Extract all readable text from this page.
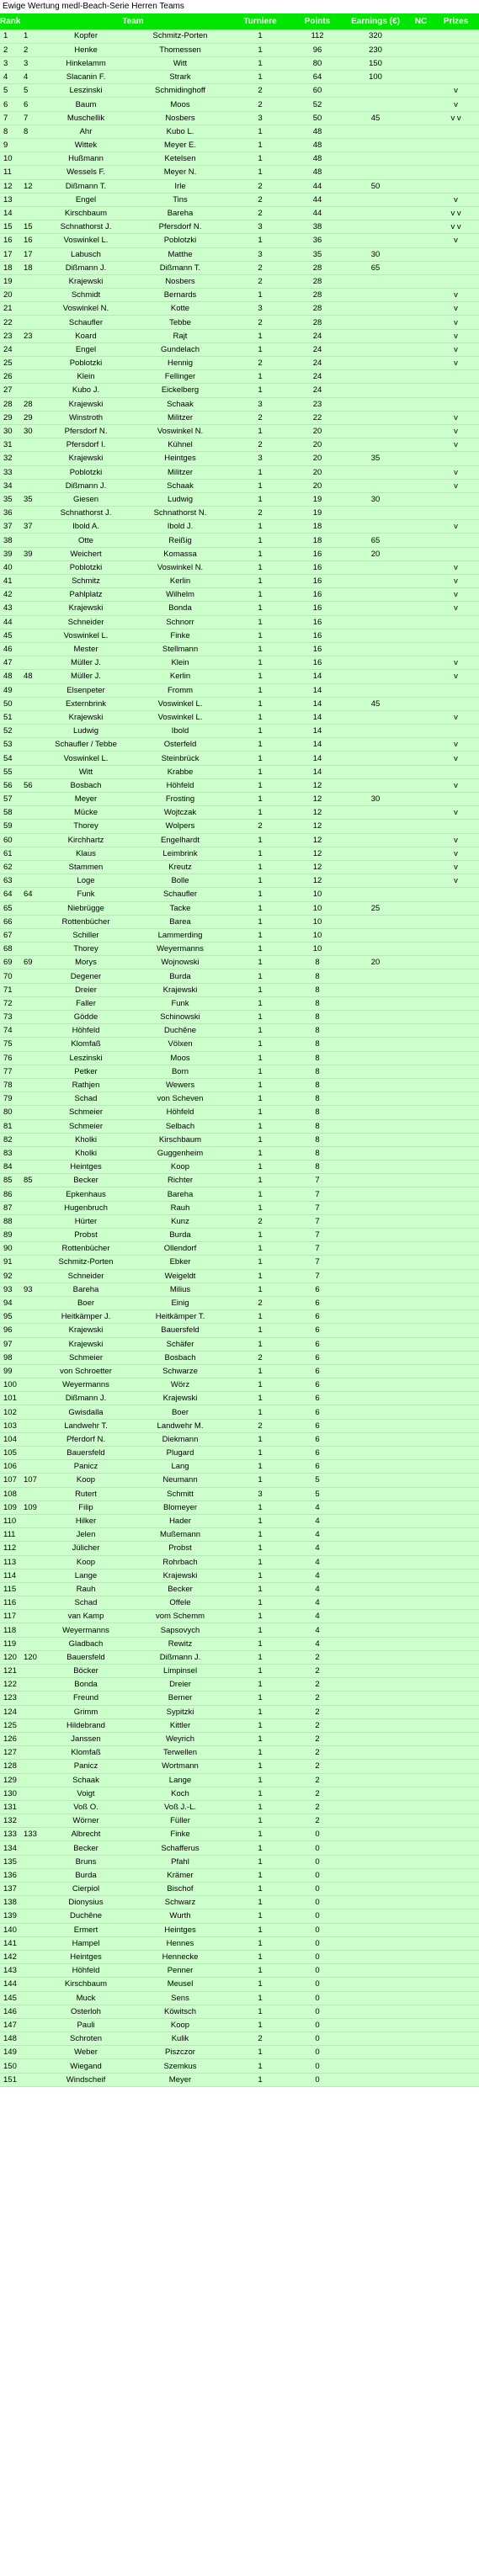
Ewige Wertung medl-Beach-Serie Herren Teams
Rank		Team		Turniere	Points	Earnings (€)	NC	Prizes
1	1	Kopfer	Schmitz-Porten	1	112	320		
2	2	Henke	Thomessen	1	96	230		
3	3	Hinkelamm	Witt	1	80	150		
4	4	Slacanin F.	Strark	1	64	100		
5	5	Leszinski	Schmidinghoff	2	60			v
6	6	Baum	Moos	2	52			v
7	7	Muschellik	Nosbers	3	50	45		v v
8	8	Ahr	Kubo L.	1	48			
9		Wittek	Meyer E.	1	48			
10		Hußmann	Ketelsen	1	48			
11		Wessels F.	Meyer N.	1	48			
12	12	Dißmann T.	Irle	2	44	50		
13		Engel	Tins	2	44			v
14		Kirschbaum	Bareha	2	44			v v
15	15	Schnathorst J.	Pfersdorf N.	3	38			v v
16	16	Voswinkel L.	Poblotzki	1	36			v
17	17	Labusch	Matthe	3	35	30		
18	18	Dißmann J.	Dißmann T.	2	28	65		
19		Krajewski	Nosbers	2	28			
20		Schmidt	Bernards	1	28			v
21		Voswinkel N.	Kotte	3	28			v
22		Schaufler	Tebbe	2	28			v
23	23	Koard	Rajt	1	24			v
24		Engel	Gundelach	1	24			v
25		Poblotzki	Hennig	2	24			v
26		Klein	Fellinger	1	24			
27		Kubo J.	Eickelberg	1	24			
28	28	Krajewski	Schaak	3	23			
29	29	Winstroth	Militzer	2	22			v
30	30	Pfersdorf N.	Voswinkel N.	1	20			v
31		Pfersdorf I.	Kühnel	2	20			v
32		Krajewski	Heintges	3	20	35		
33		Poblotzki	Militzer	1	20			v
34		Dißmann J.	Schaak	1	20			v
35	35	Giesen	Ludwig	1	19	30		
36		Schnathorst J.	Schnathorst N.	2	19			
37	37	Ibold A.	Ibold J.	1	18			v
38		Otte	Reißig	1	18	65		
39	39	Weichert	Komassa	1	16	20		
40		Poblotzki	Voswinkel N.	1	16			v
41		Schmitz	Kerlin	1	16			v
42		Pahlplatz	Wilhelm	1	16			v
43		Krajewski	Bonda	1	16			v
44		Schneider	Schnorr	1	16			
45		Voswinkel L.	Finke	1	16			
46		Mester	Stellmann	1	16			
47		Müller J.	Klein	1	16			v
48	48	Müller J.	Kerlin	1	14			v
49		Elsenpeter	Fromm	1	14			
50		Externbrink	Voswinkel L.	1	14	45		
51		Krajewski	Voswinkel L.	1	14			v
52		Ludwig	Ibold	1	14			
53		Schaufler / Tebbe	Osterfeld	1	14			v
54		Voswinkel L.	Steinbrück	1	14			v
55		Witt	Krabbe	1	14			
56	56	Bosbach	Höhfeld	1	12			v
57		Meyer	Frosting	1	12	30		
58		Mücke	Wojtczak	1	12			v
59		Thorey	Wolpers	2	12			
60		Kirchhartz	Engelhardt	1	12			v
61		Klaus	Leimbrink	1	12			v
62		Stammen	Kreutz	1	12			v
63		Loge	Bolle	1	12			v
64	64	Funk	Schaufler	1	10			
65		Niebrügge	Tacke	1	10	25		
66		Rottenbücher	Barea	1	10			
67		Schiller	Lammerding	1	10			
68		Thorey	Weyermanns	1	10			
69	69	Morys	Wojnowski	1	8	20		
70		Degener	Burda	1	8			
71		Dreier	Krajewski	1	8			
72		Faller	Funk	1	8			
73		Gödde	Schinowski	1	8			
74		Höhfeld	Duchêne	1	8			
75		Klomfaß	Völxen	1	8			
76		Leszinski	Moos	1	8			
77		Petker	Born	1	8			
78		Rathjen	Wewers	1	8			
79		Schad	von Scheven	1	8			
80		Schmeier	Höhfeld	1	8			
81		Schmeier	Selbach	1	8			
82		Kholki	Kirschbaum	1	8			
83		Kholki	Guggenheim	1	8			
84		Heintges	Koop	1	8			
85	85	Becker	Richter	1	7			
86		Epkenhaus	Bareha	1	7			
87		Hugenbruch	Rauh	1	7			
88		Hürter	Kunz	2	7			
89		Probst	Burda	1	7			
90		Rottenbücher	Ollendorf	1	7			
91		Schmitz-Porten	Ebker	1	7			
92		Schneider	Weigeldt	1	7			
93	93	Bareha	Milius	1	6			
94		Boer	Einig	2	6			
95		Heitkämper J.	Heitkämper T.	1	6			
96		Krajewski	Bauersfeld	1	6			
97		Krajewski	Schäfer	1	6			
98		Schmeier	Bosbach	2	6			
99		von Schroetter	Schwarze	1	6			
100		Weyermanns	Wörz	1	6			
101		Dißmann J.	Krajewski	1	6			
102		Gwisdalla	Boer	1	6			
103		Landwehr T.	Landwehr M.	2	6			
104		Pferdorf N.	Diekmann	1	6			
105		Bauersfeld	Plugard	1	6			
106		Panicz	Lang	1	6			
107	107	Koop	Neumann	1	5			
108		Rutert	Schmitt	3	5			
109	109	Filip	Blomeyer	1	4			
110		Hilker	Hader	1	4			
111		Jelen	Mußemann	1	4			
112		Jülicher	Probst	1	4			
113		Koop	Rohrbach	1	4			
114		Lange	Krajewski	1	4			
115		Rauh	Becker	1	4			
116		Schad	Offele	1	4			
117		van Kamp	vom Schemm	1	4			
118		Weyermanns	Sapsovych	1	4			
119		Gladbach	Rewitz	1	4			
120	120	Bauersfeld	Dißmann J.	1	2			
121		Böcker	Limpinsel	1	2			
122		Bonda	Dreier	1	2			
123		Freund	Berner	1	2			
124		Grimm	Sypitzki	1	2			
125		Hildebrand	Kittler	1	2			
126		Janssen	Weyrich	1	2			
127		Klomfaß	Terwellen	1	2			
128		Panicz	Wortmann	1	2			
129		Schaak	Lange	1	2			
130		Voigt	Koch	1	2			
131		Voß O.	Voß J.-L.	1	2			
132		Wörner	Füller	1	2			
133	133	Albrecht	Finke	1	0			
134		Becker	Schafferus	1	0			
135		Bruns	Pfahl	1	0			
136		Burda	Krämer	1	0			
137		Cierpiol	Bischof	1	0			
138		Dionysius	Schwarz	1	0			
139		Duchêne	Wurth	1	0			
140		Ermert	Heintges	1	0			
141		Hampel	Hennes	1	0			
142		Heintges	Hennecke	1	0			
143		Höhfeld	Penner	1	0			
144		Kirschbaum	Meusel	1	0			
145		Muck	Sens	1	0			
146		Osterloh	Köwitsch	1	0			
147		Pauli	Koop	1	0			
148		Schroten	Kulik	2	0			
149		Weber	Piszczor	1	0			
150		Wiegand	Szemkus	1	0			
151		Windscheif	Meyer	1	0			
